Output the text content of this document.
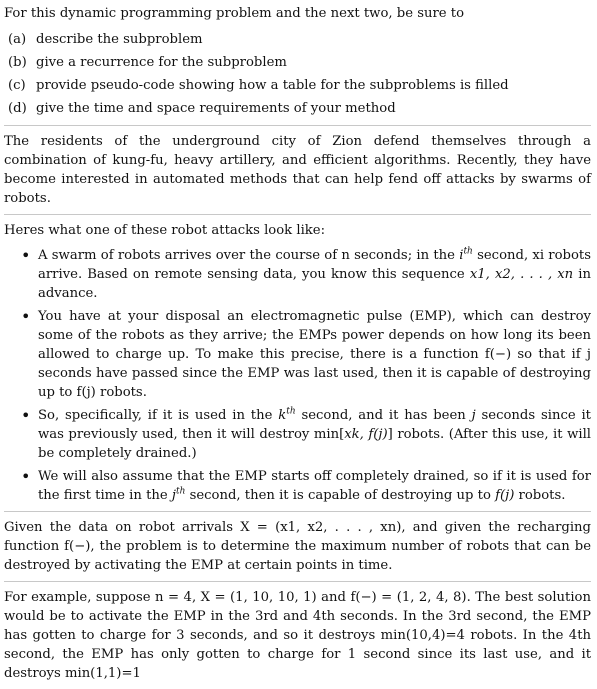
For this dynamic programming problem and the next two, be sure to

(a) describe the subproblem
(b) give a recurrence for the subproblem
(c) provide pseudo-code showing how a table for the subproblems is filled
(d) give the time and space requirements of your method

The residents of the underground city of Zion defend themselves through a combination of kung-fu, heavy artillery, and efficient algorithms. Recently, they have become interested in automated methods that can help fend off attacks by swarms of robots.

Heres what one of these robot attacks look like:

• A swarm of robots arrives over the course of n seconds; in the $i^{th}$ second, xi robots arrive. Based on remote sensing data, you know this sequence x1, x2, . . . , xn in advance.
• You have at your disposal an electromagnetic pulse (EMP), which can destroy some of the robots as they arrive; the EMPs power depends on how long its been allowed to charge up. To make this precise, there is a function f(−) so that if j seconds have passed since the EMP was last used, then it is capable of destroying up to f(j) robots.
• So, specifically, if it is used in the $k^{th}$ second, and it has been j seconds since it was previously used, then it will destroy min[xk, f(j)] robots. (After this use, it will be completely drained.)
• We will also assume that the EMP starts off completely drained, so if it is used for the first time in the $j^{th}$ second, then it is capable of destroying up to f(j) robots.

Given the data on robot arrivals X = (x1, x2, . . . , xn), and given the recharging function f(−), the problem is to determine the maximum number of robots that can be destroyed by activating the EMP at certain points in time.

For example, suppose n = 4, X = (1, 10, 10, 1) and f(−) = (1, 2, 4, 8). The best solution would be to activate the EMP in the 3rd and 4th seconds. In the 3rd second, the EMP has gotten to charge for 3 seconds, and so it destroys min(10,4)=4 robots. In the 4th second, the EMP has only gotten to charge for 1 second since its last use, and it destroys min(1,1)=1
